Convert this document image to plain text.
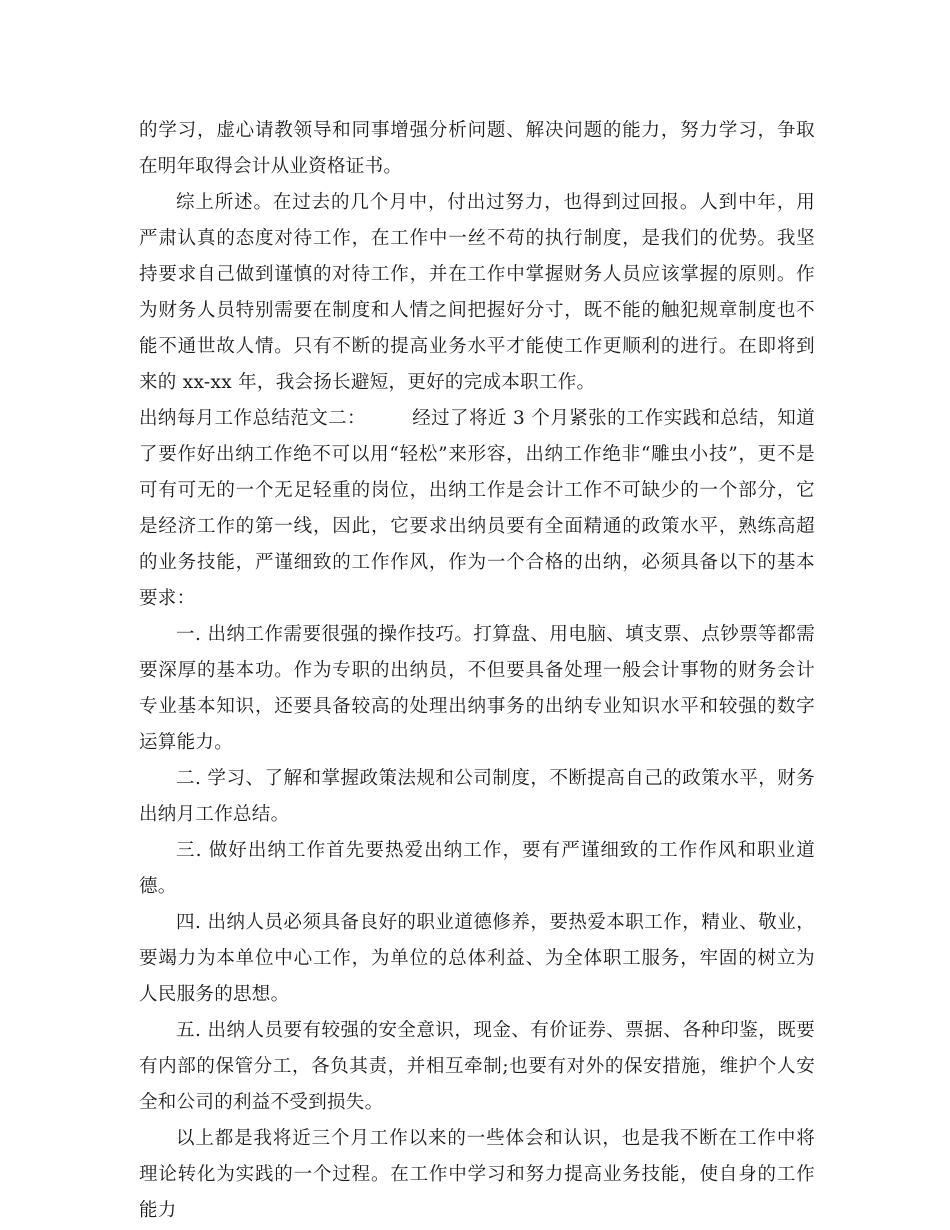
的学习，虚心请教领导和同事增强分析问题、解决问题的能力，努力学习，争取在明年取得会计从业资格证书。

综上所述。在过去的几个月中，付出过努力，也得到过回报。人到中年，用严肃认真的态度对待工作，在工作中一丝不苟的执行制度，是我们的优势。我坚持要求自己做到谨慎的对待工作，并在工作中掌握财务人员应该掌握的原则。作为财务人员特别需要在制度和人情之间把握好分寸，既不能的触犯规章制度也不能不通世故人情。只有不断的提高业务水平才能使工作更顺利的进行。在即将到来的 xx-xx 年，我会扬长避短，更好的完成本职工作。

出纳每月工作总结范文二：	经过了将近 3 个月紧张的工作实践和总结，知道了要作好出纳工作绝不可以用“轻松”来形容，出纳工作绝非“雕虫小技”，更不是可有可无的一个无足轻重的岗位，出纳工作是会计工作不可缺少的一个部分，它是经济工作的第一线，因此，它要求出纳员要有全面精通的政策水平，熟练高超的业务技能，严谨细致的工作作风，作为一个合格的出纳，必须具备以下的基本要求：

一. 出纳工作需要很强的操作技巧。打算盘、用电脑、填支票、点钞票等都需要深厚的基本功。作为专职的出纳员，不但要具备处理一般会计事物的财务会计专业基本知识，还要具备较高的处理出纳事务的出纳专业知识水平和较强的数字运算能力。

二. 学习、了解和掌握政策法规和公司制度，不断提高自己的政策水平，财务出纳月工作总结。

三. 做好出纳工作首先要热爱出纳工作，要有严谨细致的工作作风和职业道德。

四. 出纳人员必须具备良好的职业道德修养，要热爱本职工作，精业、敬业，要竭力为本单位中心工作，为单位的总体利益、为全体职工服务，牢固的树立为人民服务的思想。

五. 出纳人员要有较强的安全意识，现金、有价证券、票据、各种印鉴，既要有内部的保管分工，各负其责，并相互牵制;也要有对外的保安措施，维护个人安全和公司的利益不受到损失。

以上都是我将近三个月工作以来的一些体会和认识，也是我不断在工作中将理论转化为实践的一个过程。在工作中学习和努力提高业务技能，使自身的工作能力
